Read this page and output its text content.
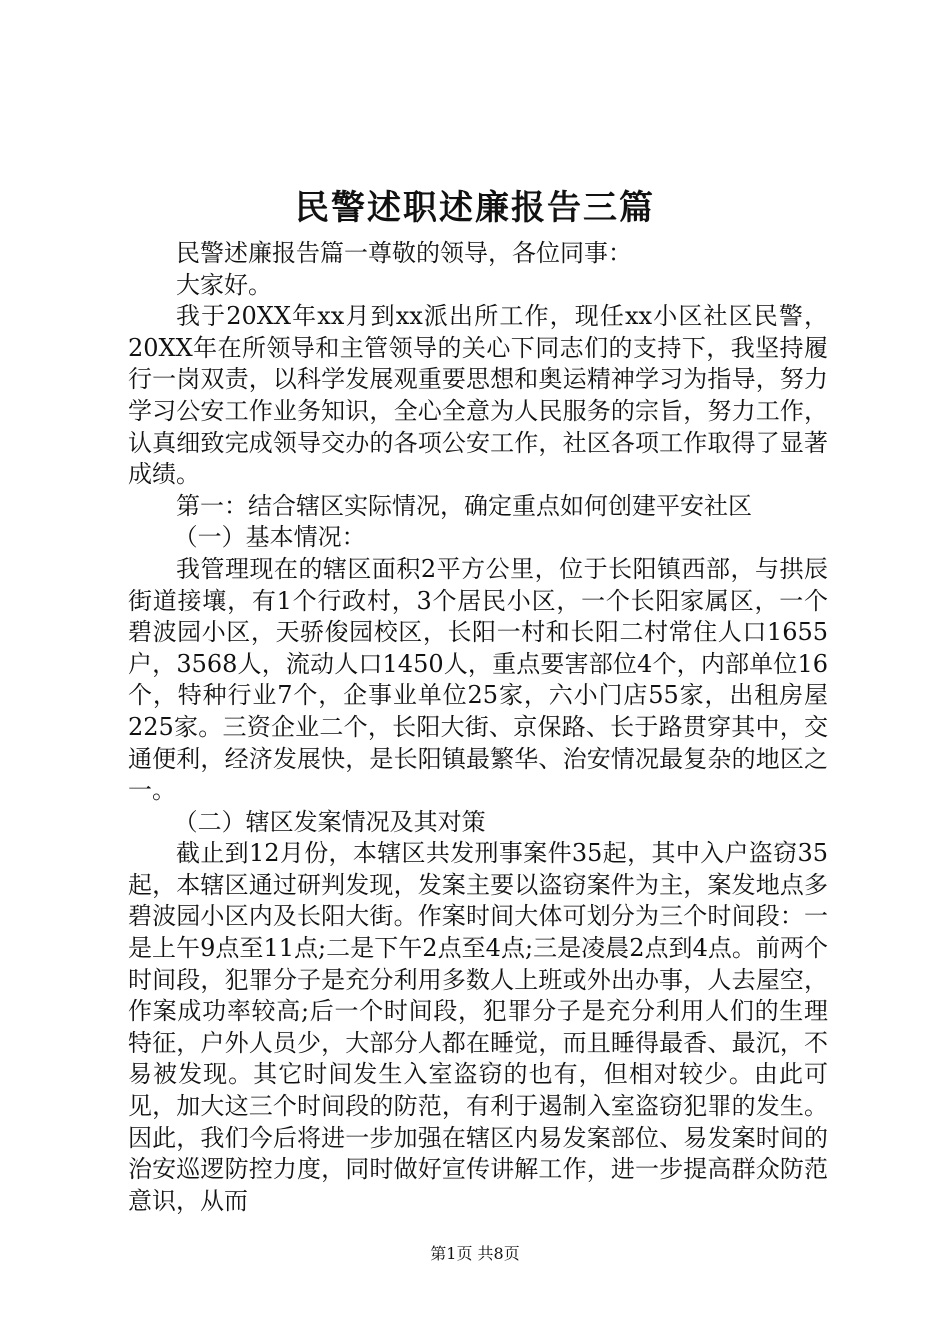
民警述职述廉报告三篇

民警述廉报告篇一尊敬的领导，各位同事：

大家好。

我于20XX年xx月到xx派出所工作，现任xx小区社区民警，20XX年在所领导和主管领导的关心下同志们的支持下，我坚持履行一岗双责，以科学发展观重要思想和奥运精神学习为指导，努力学习公安工作业务知识，全心全意为人民服务的宗旨，努力工作，认真细致完成领导交办的各项公安工作，社区各项工作取得了显著成绩。

第一：结合辖区实际情况，确定重点如何创建平安社区

（一）基本情况：

我管理现在的辖区面积2平方公里，位于长阳镇西部，与拱辰街道接壤，有1个行政村，3个居民小区，一个长阳家属区，一个碧波园小区，天骄俊园校区，长阳一村和长阳二村常住人口1655户，3568人，流动人口1450人，重点要害部位4个，内部单位16个，特种行业7个，企事业单位25家，六小门店55家，出租房屋225家。三资企业二个，长阳大街、京保路、长于路贯穿其中，交通便利，经济发展快，是长阳镇最繁华、治安情况最复杂的地区之一。

（二）辖区发案情况及其对策

截止到12月份，本辖区共发刑事案件35起，其中入户盗窃35起，本辖区通过研判发现，发案主要以盗窃案件为主，案发地点多碧波园小区内及长阳大街。作案时间大体可划分为三个时间段：一是上午9点至11点;二是下午2点至4点;三是凌晨2点到4点。前两个时间段，犯罪分子是充分利用多数人上班或外出办事，人去屋空，作案成功率较高;后一个时间段，犯罪分子是充分利用人们的生理特征，户外人员少，大部分人都在睡觉，而且睡得最香、最沉，不易被发现。其它时间发生入室盗窃的也有，但相对较少。由此可见，加大这三个时间段的防范，有利于遏制入室盗窃犯罪的发生。因此，我们今后将进一步加强在辖区内易发案部位、易发案时间的治安巡逻防控力度，同时做好宣传讲解工作，进一步提高群众防范意识，从而

第1页 共8页
